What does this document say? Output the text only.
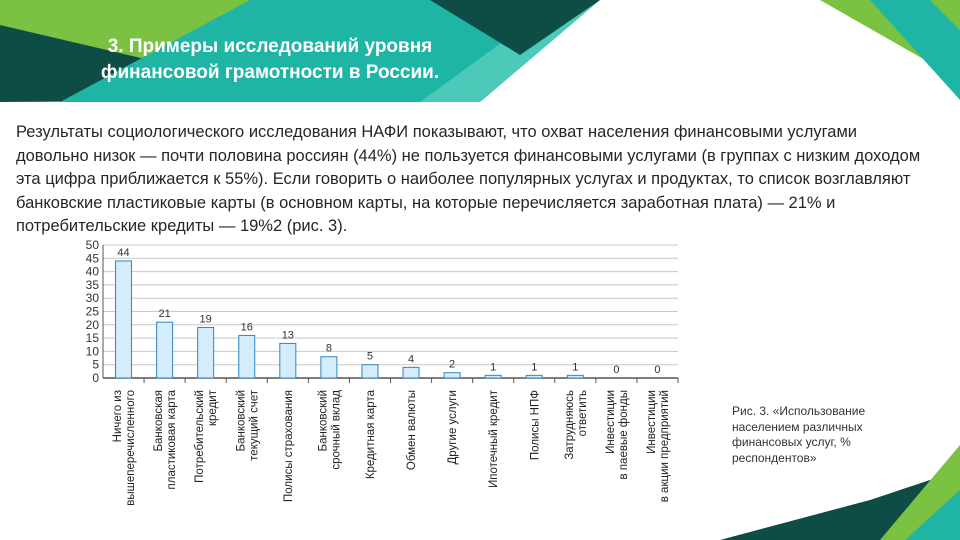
3. Примеры исследований уровня
финансовой грамотности в России.

Результаты социологического исследования НАФИ показывают, что охват населения финансовыми услугами довольно низок — почти половина россиян (44%) не пользуется финансовыми услугами (в группах с низким доходом эта цифра приближается к 55%). Если говорить о наиболее популярных услугах и продуктах, то список возглавляют банковские пластиковые карты (в основном карты, на которые перечисляется заработная плата) — 21% и потребительские кредиты — 19%2 (рис. 3).

0
5
10
15
20
25
30
35
40
45
50
44
Ничего из вышеперечисленного
21
Банковская пластиковая карта
19
Потребительский кредит
16
Банковский текущий счет
13
Полисы страхования
8
Банковский срочный вклад
5
Кредитная карта
4
Обмен валюты
2
Другие услуги
1
Ипотечный кредит
1
Полисы НПФ
1
Затрудняюсь ответить
0
Инвестиции в паевые фонды
0
Инвестиции в акции предприятий	Рис. 3. «Использование населением различных финансовых услуг, % респондентов»
